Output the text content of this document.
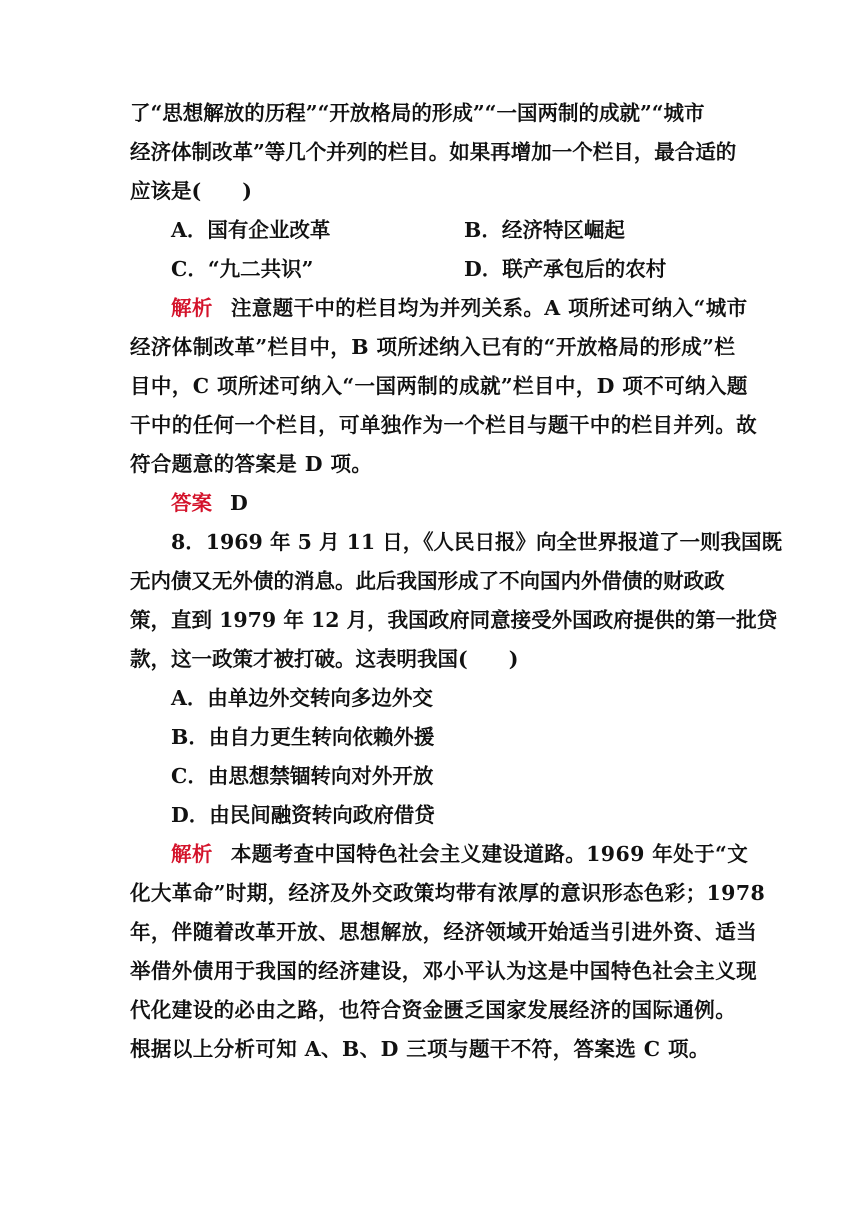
了“思想解放的历程”“开放格局的形成”“一国两制的成就”“城市
经济体制改革”等几个并列的栏目。如果再增加一个栏目，最合适的
应该是(　　)
A．国有企业改革	B．经济特区崛起
C．“九二共识”	D．联产承包后的农村
解析 注意题干中的栏目均为并列关系。A 项所述可纳入“城市
经济体制改革”栏目中，B 项所述纳入已有的“开放格局的形成”栏
目中，C 项所述可纳入“一国两制的成就”栏目中，D 项不可纳入题
干中的任何一个栏目，可单独作为一个栏目与题干中的栏目并列。故
符合题意的答案是 D 项。
答案 D
8．1969 年 5 月 11 日，《人民日报》向全世界报道了一则我国既
无内债又无外债的消息。此后我国形成了不向国内外借债的财政政
策，直到 1979 年 12 月，我国政府同意接受外国政府提供的第一批贷
款，这一政策才被打破。这表明我国(　　)
A．由单边外交转向多边外交
B．由自力更生转向依赖外援
C．由思想禁锢转向对外开放
D．由民间融资转向政府借贷
解析 本题考查中国特色社会主义建设道路。1969 年处于“文
化大革命”时期，经济及外交政策均带有浓厚的意识形态色彩；1978
年，伴随着改革开放、思想解放，经济领域开始适当引进外资、适当
举借外债用于我国的经济建设，邓小平认为这是中国特色社会主义现
代化建设的必由之路，也符合资金匮乏国家发展经济的国际通例。
根据以上分析可知 A、B、D 三项与题干不符，答案选 C 项。
